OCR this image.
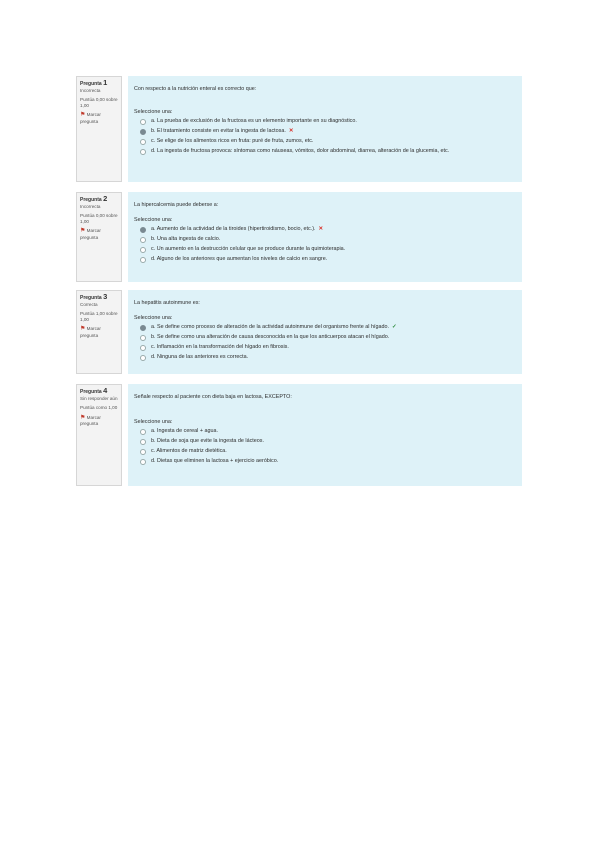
Pregunta 1
Incorrecta
Puntúa 0,00 sobre 1,00
⚑ Marcar pregunta
Con respecto a la nutrición enteral es correcto que:
Seleccione una:
a. La prueba de exclusión de la fructosa es un elemento importante en su diagnóstico.
b. El tratamiento consiste en evitar la ingesta de lactosa. ✕
c. Se elige de los alimentos ricos en fruta: puré de fruta, zumos, etc.
d. La ingesta de fructosa provoca: síntomas como náuseas, vómitos, dolor abdominal, diarrea, alteración de la glucemia, etc.
Pregunta 2
Incorrecta
Puntúa 0,00 sobre 1,00
⚑ Marcar pregunta
La hipercalcemia puede deberse a:
Seleccione una:
a. Aumento de la actividad de la tiroides (hipertiroidismo, bocio, etc.). ✕
b. Una alta ingesta de calcio.
c. Un aumento en la destrucción celular que se produce durante la quimioterapia.
d. Alguno de los anteriores que aumentan los niveles de calcio en sangre.
Pregunta 3
Correcta
Puntúa 1,00 sobre 1,00
⚑ Marcar pregunta
La hepatitis autoinmune es:
Seleccione una:
a. Se define como proceso de alteración de la actividad autoinmune del organismo frente al hígado. ✓
b. Se define como una alteración de causa desconocida en la que los anticuerpos atacan el hígado.
c. Inflamación en la transformación del hígado en fibrosis.
d. Ninguna de las anteriores es correcta.
Pregunta 4
Sin responder aún
Puntúa como 1,00
⚑ Marcar pregunta
Señale respecto al paciente con dieta baja en lactosa, EXCEPTO:
Seleccione una:
a. Ingesta de cereal + agua.
b. Dieta de soja que evite la ingesta de lácteos.
c. Alimentos de matriz dietética.
d. Dietas que eliminen la lactosa + ejercicio aeróbico.
